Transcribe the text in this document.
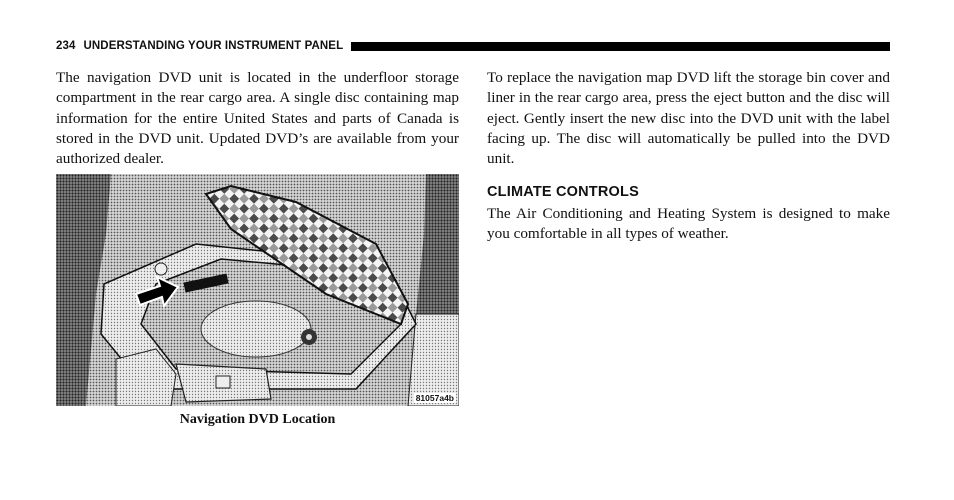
234 UNDERSTANDING YOUR INSTRUMENT PANEL

The navigation DVD unit is located in the underfloor storage compartment in the rear cargo area. A single disc containing map information for the entire United States and parts of Canada is stored in the DVD unit. Updated DVD’s are available from your authorized dealer.

81057a4b
Navigation DVD Location

To replace the navigation map DVD lift the storage bin cover and liner in the rear cargo area, press the eject button and the disc will eject. Gently insert the new disc into the DVD unit with the label facing up. The disc will automatically be pulled into the DVD unit.

CLIMATE CONTROLS

The Air Conditioning and Heating System is designed to make you comfortable in all types of weather.
